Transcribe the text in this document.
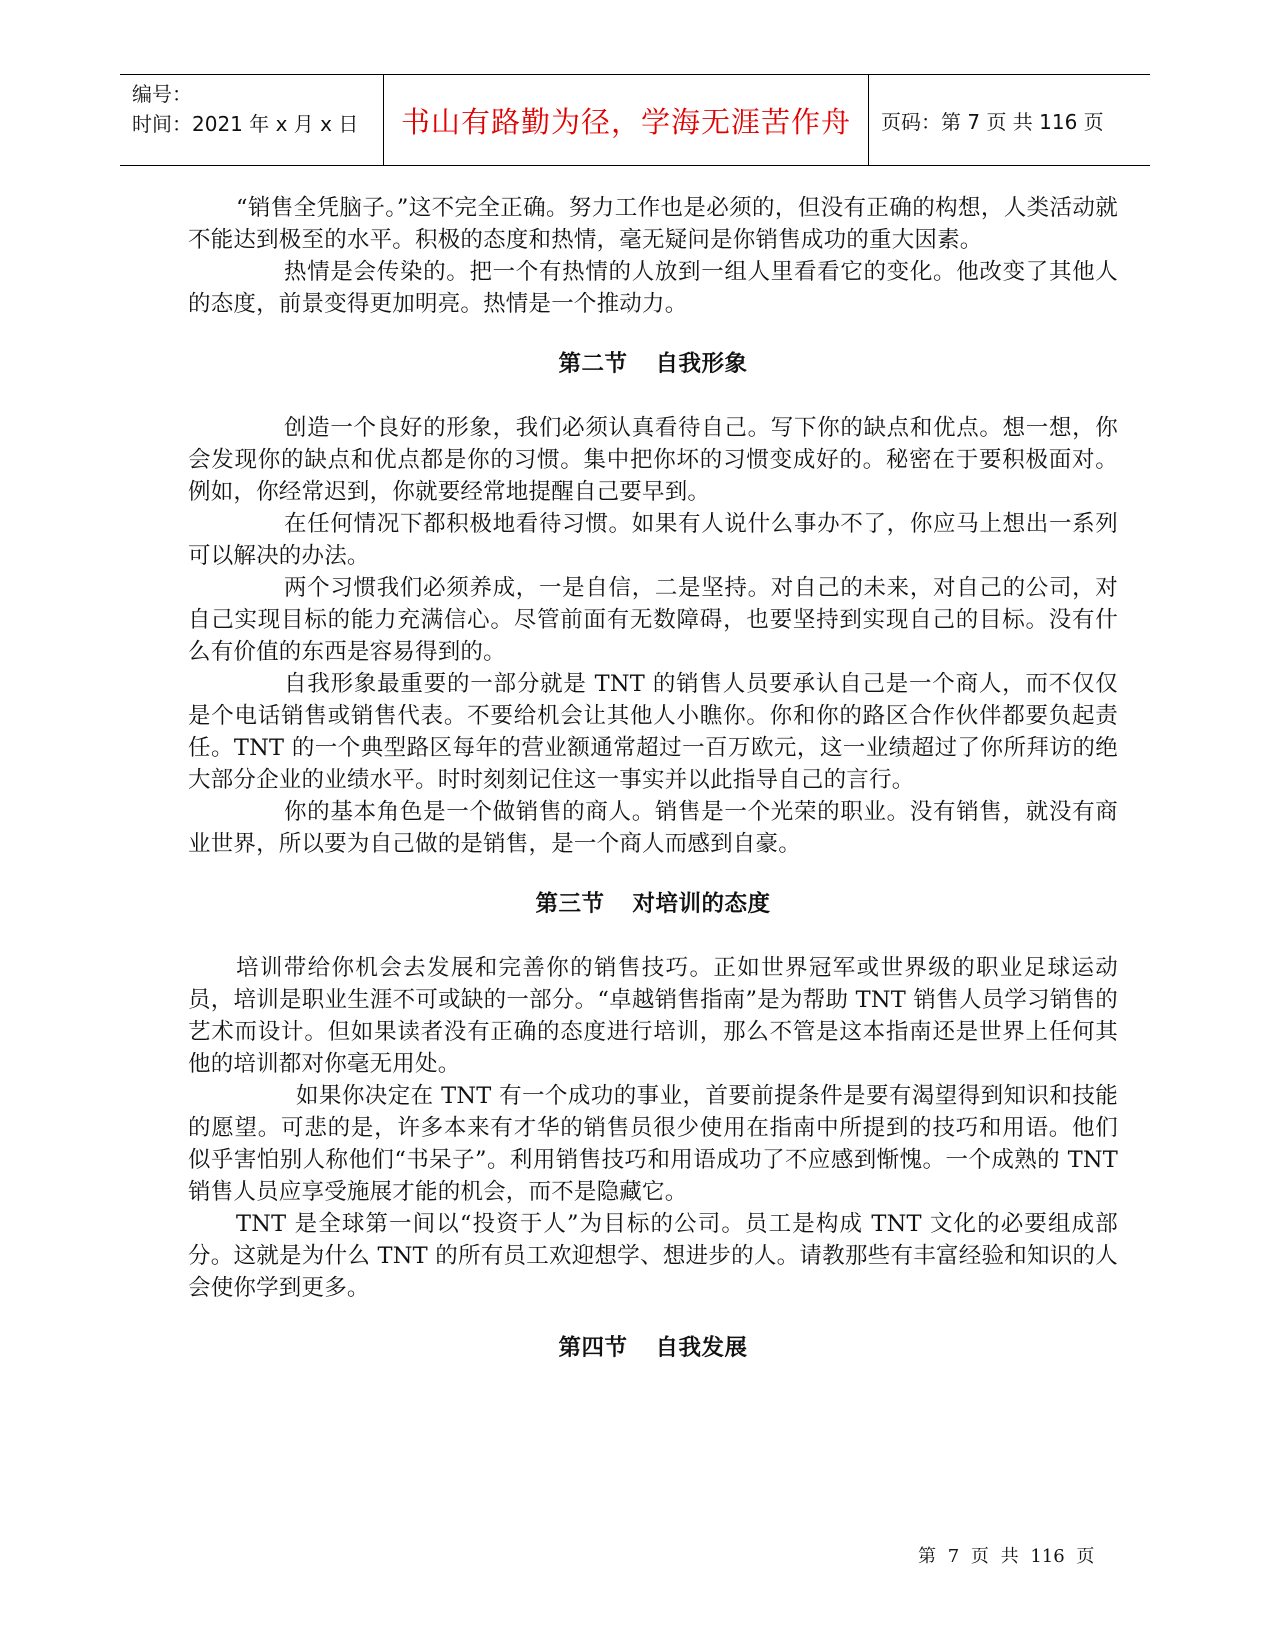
编号：
时间：2021 年 x 月 x 日	书山有路勤为径，学海无涯苦作舟	页码：第 7 页 共 116 页

“销售全凭脑子。”这不完全正确。努力工作也是必须的，但没有正确的构想，人类活动就不能达到极至的水平。积极的态度和热情，毫无疑问是你销售成功的重大因素。

热情是会传染的。把一个有热情的人放到一组人里看看它的变化。他改变了其他人的态度，前景变得更加明亮。热情是一个推动力。

第二节 自我形象

创造一个良好的形象，我们必须认真看待自己。写下你的缺点和优点。想一想，你会发现你的缺点和优点都是你的习惯。集中把你坏的习惯变成好的。秘密在于要积极面对。例如，你经常迟到，你就要经常地提醒自己要早到。

在任何情况下都积极地看待习惯。如果有人说什么事办不了，你应马上想出一系列可以解决的办法。

两个习惯我们必须养成，一是自信，二是坚持。对自己的未来，对自己的公司，对自己实现目标的能力充满信心。尽管前面有无数障碍，也要坚持到实现自己的目标。没有什么有价值的东西是容易得到的。

自我形象最重要的一部分就是 TNT 的销售人员要承认自己是一个商人，而不仅仅是个电话销售或销售代表。不要给机会让其他人小瞧你。你和你的路区合作伙伴都要负起责任。TNT 的一个典型路区每年的营业额通常超过一百万欧元，这一业绩超过了你所拜访的绝大部分企业的业绩水平。时时刻刻记住这一事实并以此指导自己的言行。

你的基本角色是一个做销售的商人。销售是一个光荣的职业。没有销售，就没有商业世界，所以要为自己做的是销售，是一个商人而感到自豪。

第三节 对培训的态度

培训带给你机会去发展和完善你的销售技巧。正如世界冠军或世界级的职业足球运动员，培训是职业生涯不可或缺的一部分。“卓越销售指南”是为帮助 TNT 销售人员学习销售的艺术而设计。但如果读者没有正确的态度进行培训，那么不管是这本指南还是世界上任何其他的培训都对你毫无用处。

如果你决定在 TNT 有一个成功的事业，首要前提条件是要有渴望得到知识和技能的愿望。可悲的是，许多本来有才华的销售员很少使用在指南中所提到的技巧和用语。他们似乎害怕别人称他们“书呆子”。利用销售技巧和用语成功了不应感到惭愧。一个成熟的 TNT 销售人员应享受施展才能的机会，而不是隐藏它。

TNT 是全球第一间以“投资于人”为目标的公司。员工是构成 TNT 文化的必要组成部分。这就是为什么 TNT 的所有员工欢迎想学、想进步的人。请教那些有丰富经验和知识的人会使你学到更多。

第四节 自我发展
第 7 页 共 116 页
